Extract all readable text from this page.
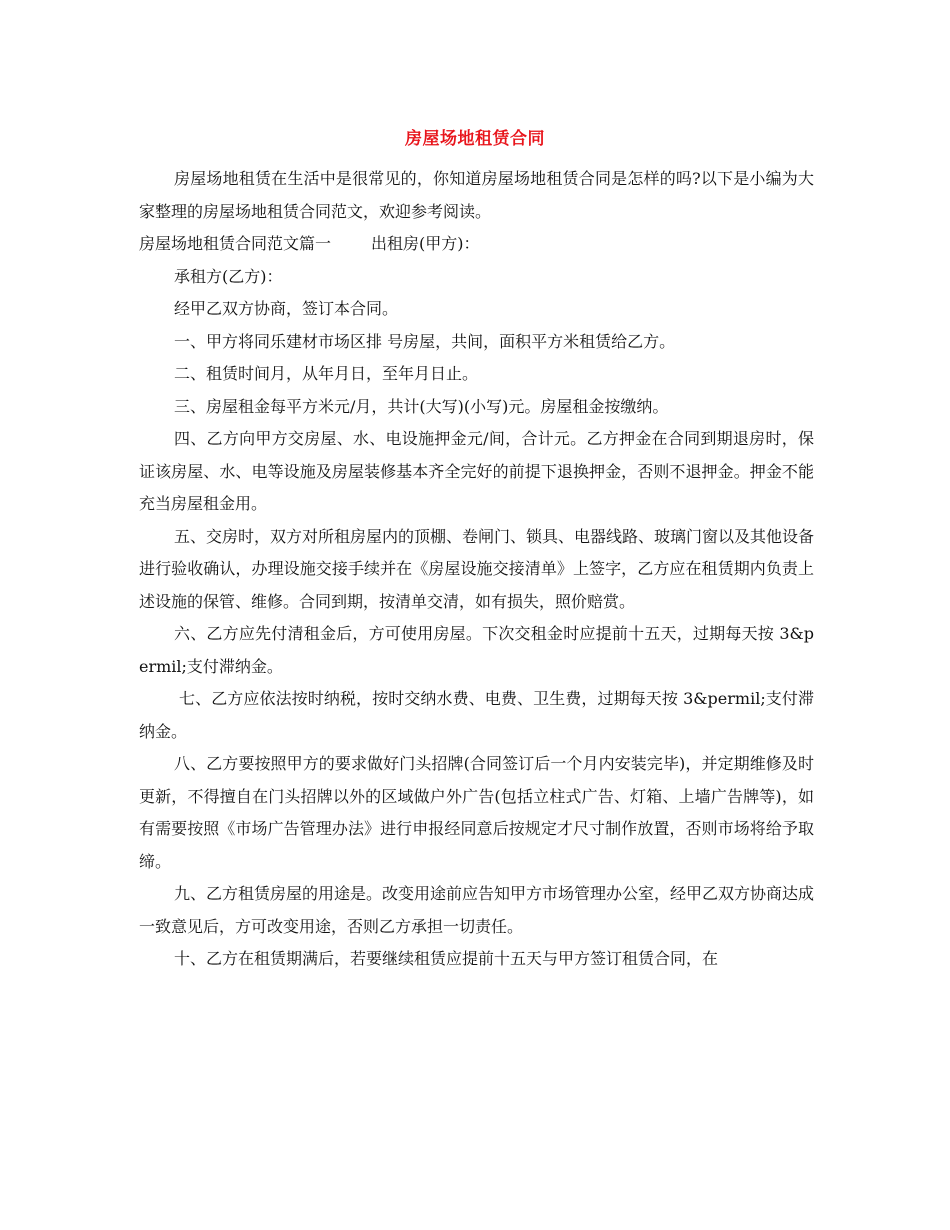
房屋场地租赁合同

房屋场地租赁在生活中是很常见的，你知道房屋场地租赁合同是怎样的吗?以下是小编为大家整理的房屋场地租赁合同范文，欢迎参考阅读。

房屋场地租赁合同范文篇一	出租房(甲方)：

承租方(乙方)：

经甲乙双方协商，签订本合同。

一、甲方将同乐建材市场区排 号房屋，共间，面积平方米租赁给乙方。

二、租赁时间月，从年月日，至年月日止。

三、房屋租金每平方米元/月，共计(大写)(小写)元。房屋租金按缴纳。

四、乙方向甲方交房屋、水、电设施押金元/间，合计元。乙方押金在合同到期退房时，保证该房屋、水、电等设施及房屋装修基本齐全完好的前提下退换押金，否则不退押金。押金不能充当房屋租金用。

五、交房时，双方对所租房屋内的顶棚、卷闸门、锁具、电器线路、玻璃门窗以及其他设备进行验收确认，办理设施交接手续并在《房屋设施交接清单》上签字，乙方应在租赁期内负责上述设施的保管、维修。合同到期，按清单交清，如有损失，照价赔赏。

六、乙方应先付清租金后，方可使用房屋。下次交租金时应提前十五天，过期每天按 3&permil;支付滞纳金。

七、乙方应依法按时纳税，按时交纳水费、电费、卫生费，过期每天按 3&permil;支付滞纳金。

八、乙方要按照甲方的要求做好门头招牌(合同签订后一个月内安装完毕)，并定期维修及时更新，不得擅自在门头招牌以外的区域做户外广告(包括立柱式广告、灯箱、上墙广告牌等)，如有需要按照《市场广告管理办法》进行申报经同意后按规定才尺寸制作放置，否则市场将给予取缔。

九、乙方租赁房屋的用途是。改变用途前应告知甲方市场管理办公室，经甲乙双方协商达成一致意见后，方可改变用途，否则乙方承担一切责任。

十、乙方在租赁期满后，若要继续租赁应提前十五天与甲方签订租赁合同，在
